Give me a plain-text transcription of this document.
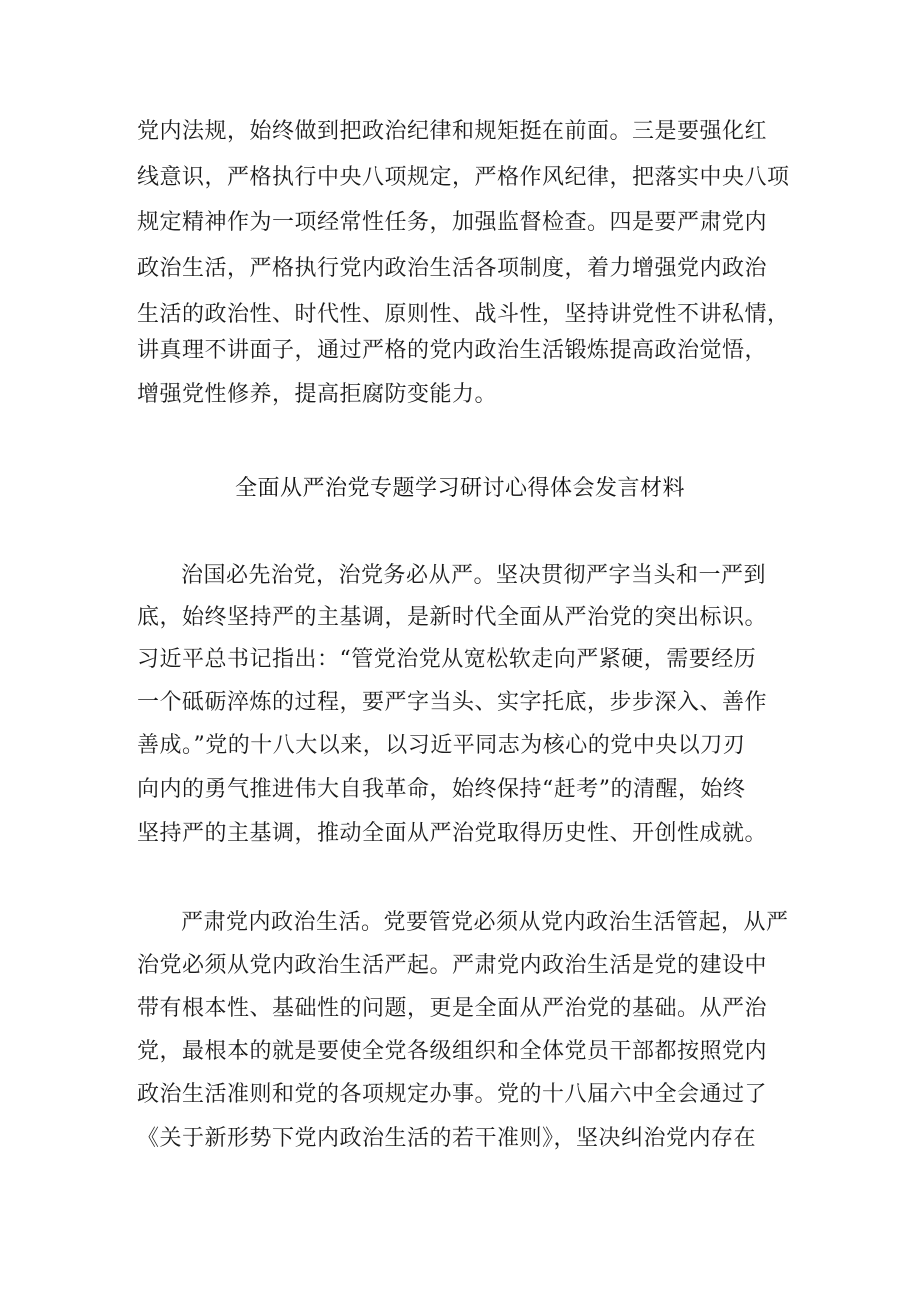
党内法规，始终做到把政治纪律和规矩挺在前面。三是要强化红
线意识，严格执行中央八项规定，严格作风纪律，把落实中央八项
规定精神作为一项经常性任务，加强监督检查。四是要严肃党内
政治生活，严格执行党内政治生活各项制度，着力增强党内政治
生活的政治性、时代性、原则性、战斗性，坚持讲党性不讲私情，
讲真理不讲面子，通过严格的党内政治生活锻炼提高政治觉悟，
增强党性修养，提高拒腐防变能力。
全面从严治党专题学习研讨心得体会发言材料
治国必先治党，治党务必从严。坚决贯彻严字当头和一严到
底，始终坚持严的主基调，是新时代全面从严治党的突出标识。
习近平总书记指出：“管党治党从宽松软走向严紧硬，需要经历
一个砥砺淬炼的过程，要严字当头、实字托底，步步深入、善作
善成。”党的十八大以来，以习近平同志为核心的党中央以刀刃
向内的勇气推进伟大自我革命，始终保持“赶考”的清醒，始终
坚持严的主基调，推动全面从严治党取得历史性、开创性成就。
严肃党内政治生活。党要管党必须从党内政治生活管起，从严
治党必须从党内政治生活严起。严肃党内政治生活是党的建设中
带有根本性、基础性的问题，更是全面从严治党的基础。从严治
党，最根本的就是要使全党各级组织和全体党员干部都按照党内
政治生活准则和党的各项规定办事。党的十八届六中全会通过了
《关于新形势下党内政治生活的若干准则》，坚决纠治党内存在
